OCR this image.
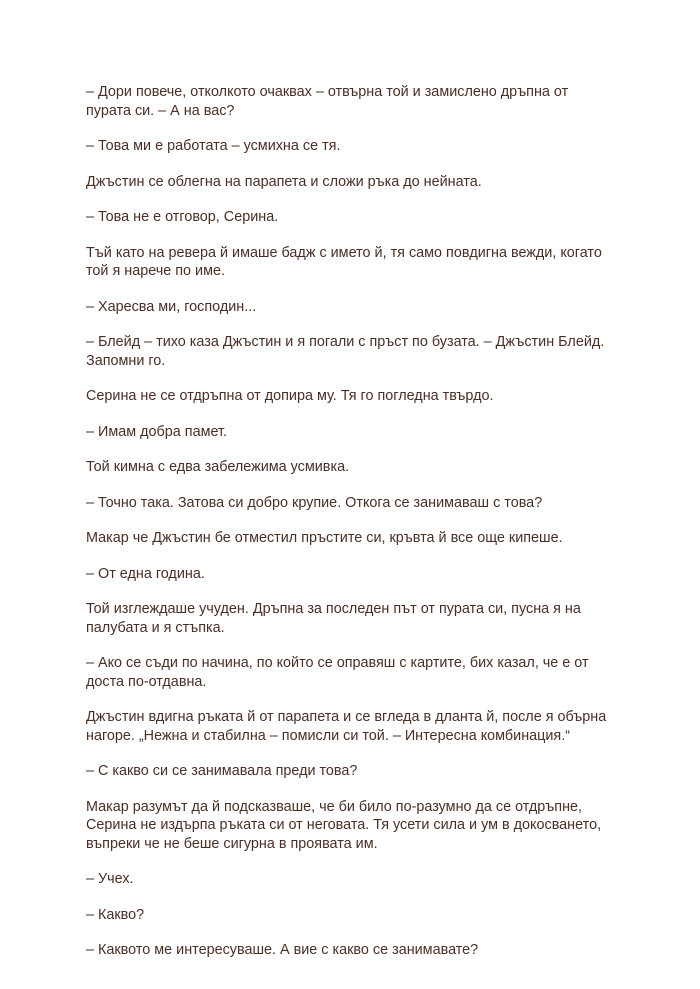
– Дори повече, отколкото очаквах – отвърна той и замислено дръпна от пурата си. – А на вас?

– Това ми е работата – усмихна се тя.

Джъстин се облегна на парапета и сложи ръка до нейната.

– Това не е отговор, Серина.

Тъй като на ревера й имаше бадж с името й, тя само повдигна вежди, когато той я нарече по име.

– Харесва ми, господин...

– Блейд – тихо каза Джъстин и я погали с пръст по бузата. – Джъстин Блейд. Запомни го.

Серина не се отдръпна от допира му. Тя го погледна твърдо.

– Имам добра памет.

Той кимна с едва забележима усмивка.

– Точно така. Затова си добро крупие. Откога се занимаваш с това?

Макар че Джъстин бе отместил пръстите си, кръвта й все още кипеше.

– От една година.

Той изглеждаше учуден. Дръпна за последен път от пурата си, пусна я на палубата и я стъпка.

– Ако се съди по начина, по който се оправяш с картите, бих казал, че е от доста по-отдавна.

Джъстин вдигна ръката й от парапета и се вгледа в дланта й, после я обърна нагоре. „Нежна и стабилна – помисли си той. – Интересна комбинация.“

– С какво си се занимавала преди това?

Макар разумът да й подсказваше, че би било по-разумно да се отдръпне, Серина не издърпа ръката си от неговата. Тя усети сила и ум в докосването, въпреки че не беше сигурна в проявата им.

– Учех.

– Какво?

– Каквото ме интересуваше. А вие с какво се занимавате?
